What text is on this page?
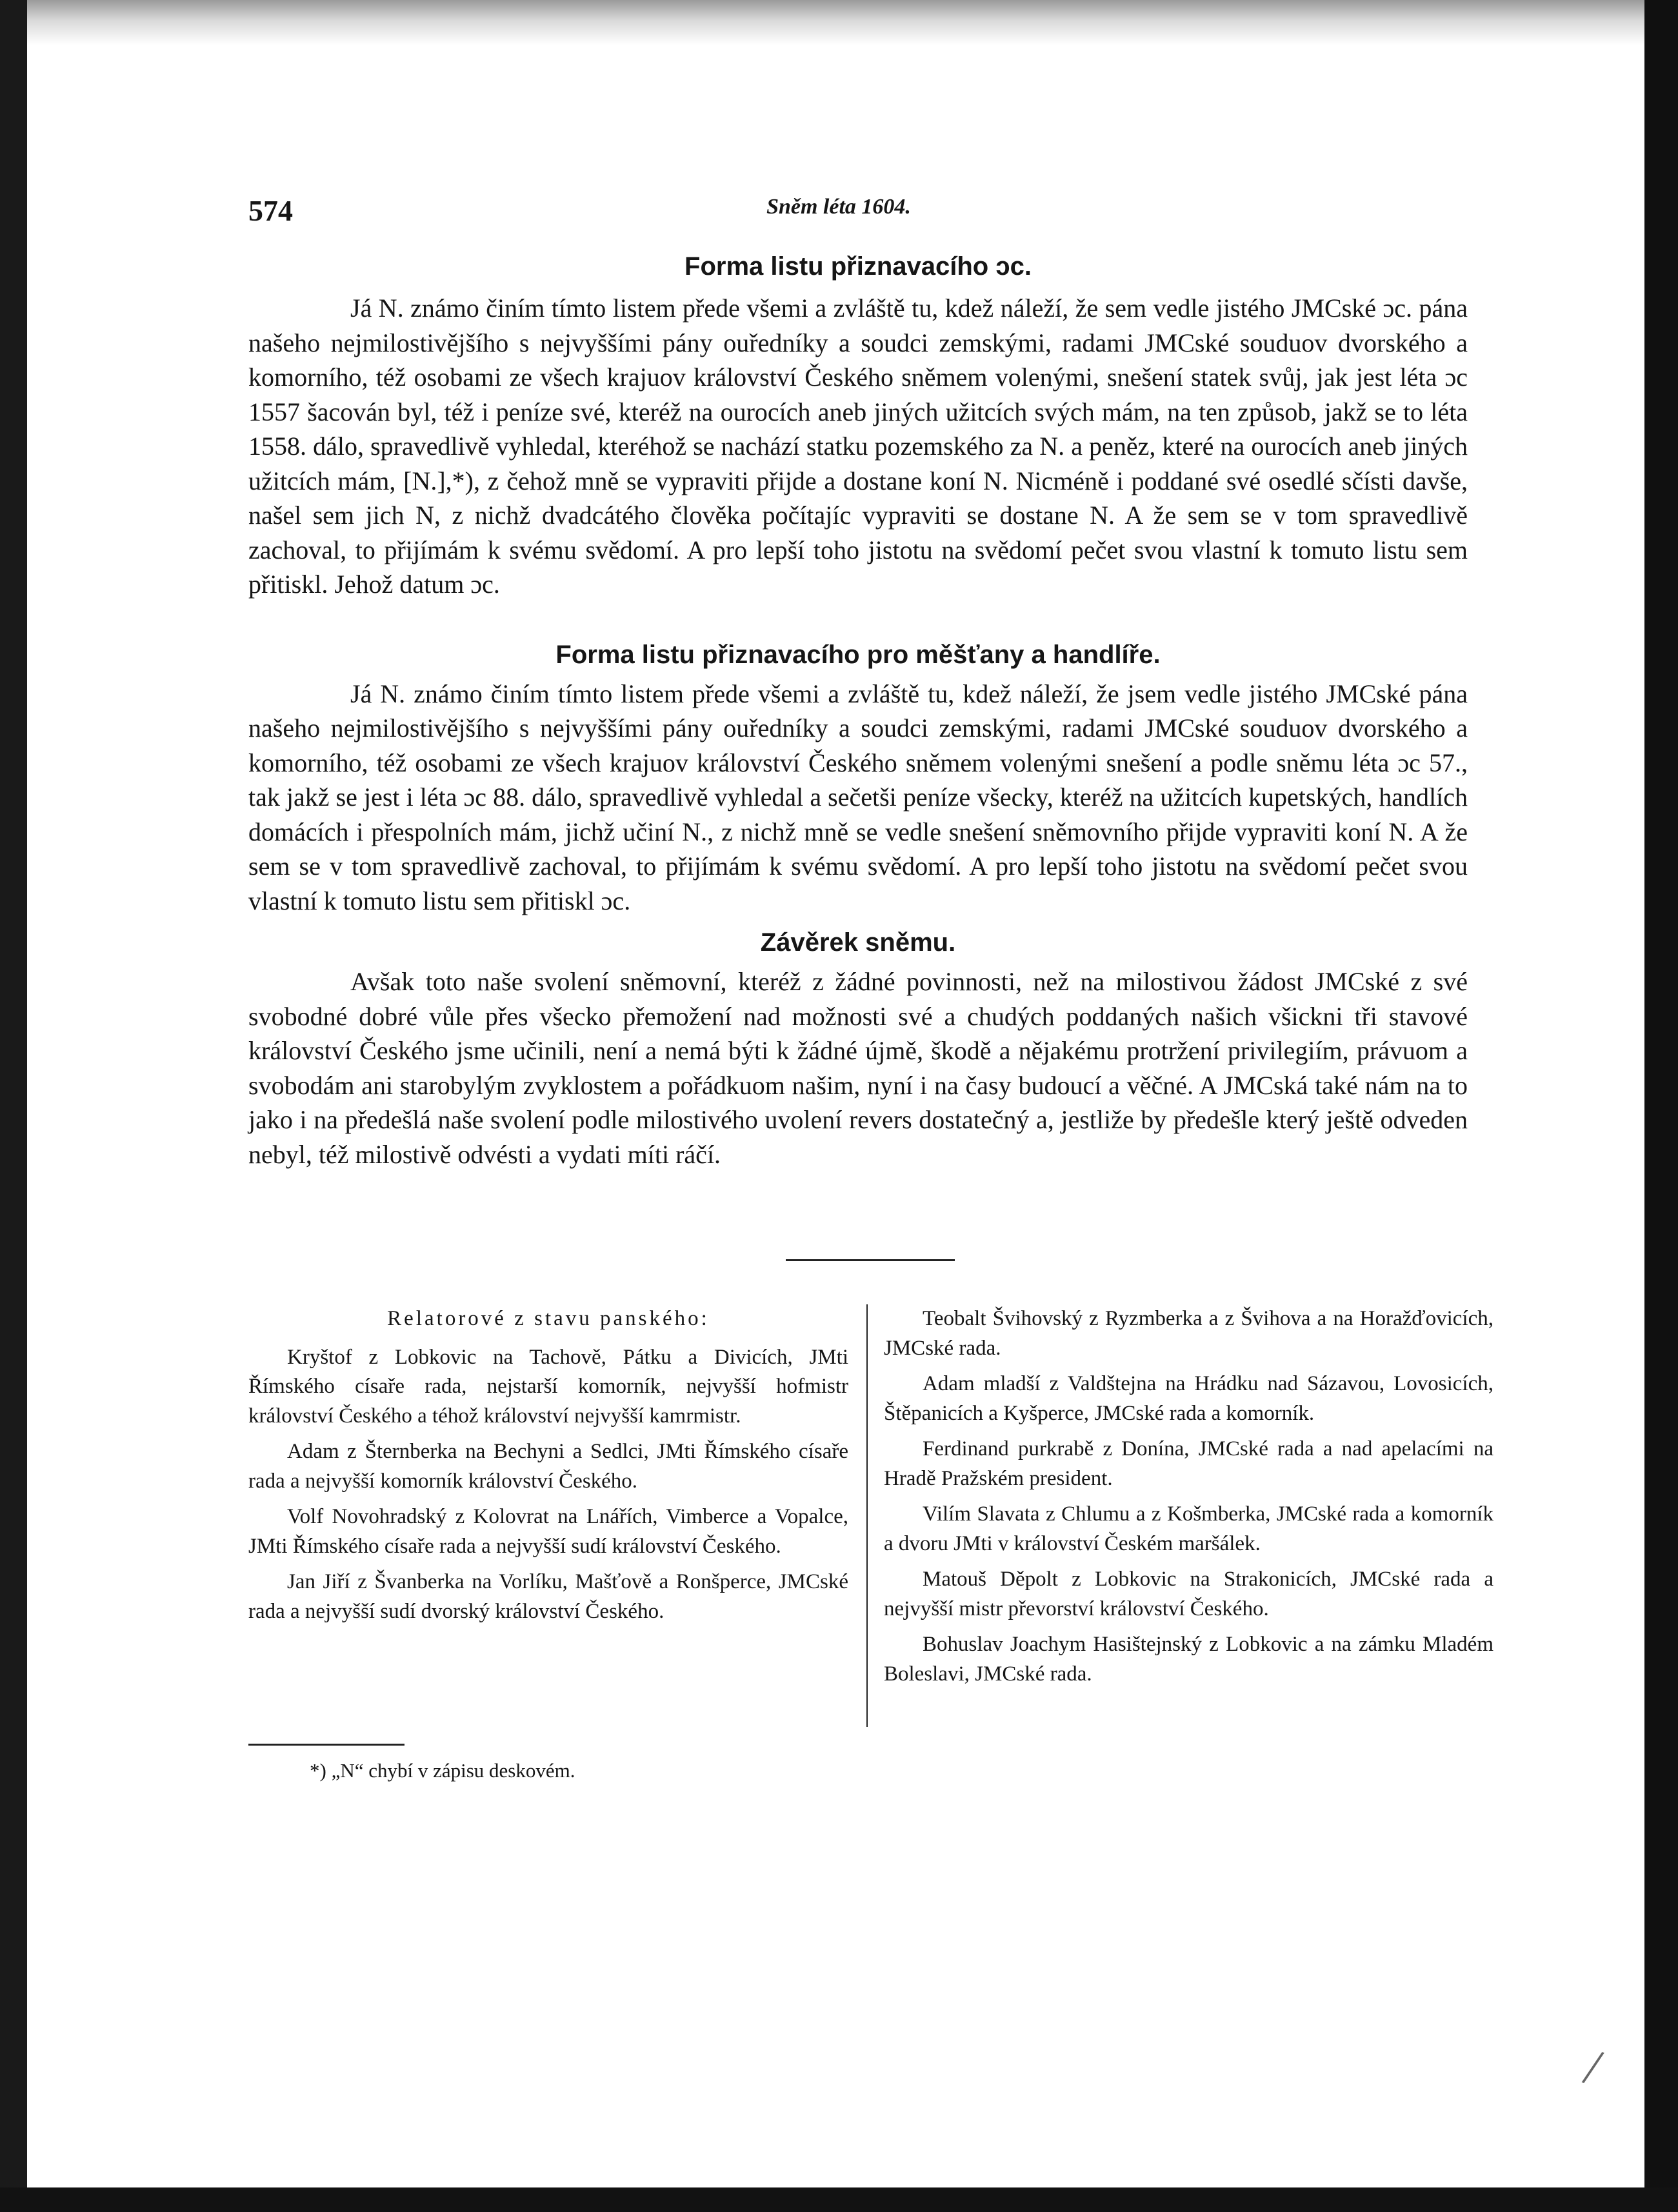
574	Sněm léta 1604.
Forma listu přiznavacího ɔc.

Já N. známo činím tímto listem přede všemi a zvláště tu, kdež náleží, že sem vedle jistého JMCské ɔc. pána našeho nejmilostivějšího s nejvyššími pány ouředníky a soudci zemskými, radami JMCské souduov dvorského a komorního, též osobami ze všech krajuov království Českého sněmem volenými, snešení statek svůj, jak jest léta ɔc 1557 šacován byl, též i peníze své, kteréž na ourocích aneb jiných užitcích svých mám, na ten způsob, jakž se to léta 1558. dálo, spravedlivě vyhledal, kteréhož se nachází statku pozemského za N. a peněz, které na ourocích aneb jiných užitcích mám, [N.],*), z čehož mně se vypraviti přijde a dostane koní N. Nicméně i poddané své osedlé sčísti davše, našel sem jich N, z nichž dvadcátého člověka počítajíc vypraviti se dostane N. A že sem se v tom spravedlivě zachoval, to přijímám k svému svědomí. A pro lepší toho jistotu na svědomí pečet svou vlastní k tomuto listu sem přitiskl. Jehož datum ɔc.

Forma listu přiznavacího pro měšťany a handlíře.

Já N. známo činím tímto listem přede všemi a zvláště tu, kdež náleží, že jsem vedle jistého JMCské pána našeho nejmilostivějšího s nejvyššími pány ouředníky a soudci zemskými, radami JMCské souduov dvorského a komorního, též osobami ze všech krajuov království Českého sněmem volenými snešení a podle sněmu léta ɔc 57., tak jakž se jest i léta ɔc 88. dálo, spravedlivě vyhledal a sečetši peníze všecky, kteréž na užitcích kupetských, handlích domácích i přespolních mám, jichž učiní N., z nichž mně se vedle snešení sněmovního přijde vypraviti koní N. A že sem se v tom spravedlivě zachoval, to přijímám k svému svědomí. A pro lepší toho jistotu na svědomí pečet svou vlastní k tomuto listu sem přitiskl ɔc.

Závěrek sněmu.

Avšak toto naše svolení sněmovní, kteréž z žádné povinnosti, než na milostivou žádost JMCské z své svobodné dobré vůle přes všecko přemožení nad možnosti své a chudých poddaných našich všickni tři stavové království Českého jsme učinili, není a nemá býti k žádné újmě, škodě a nějakému protržení privilegiím, právuom a svobodám ani starobylým zvyklostem a pořádkuom našim, nyní i na časy budoucí a věčné. A JMCská také nám na to jako i na předešlá naše svolení podle milostivého uvolení revers dostatečný a, jestliže by předešle který ještě odveden nebyl, též milostivě odvésti a vydati míti ráčí.

Relatorové z stavu panského:

Kryštof z Lobkovic na Tachově, Pátku a Divicích, JMti Římského císaře rada, nejstarší komorník, nejvyšší hofmistr království Českého a téhož království nejvyšší kamrmistr.

Adam z Šternberka na Bechyni a Sedlci, JMti Římského císaře rada a nejvyšší komorník království Českého.

Volf Novohradský z Kolovrat na Lnářích, Vimberce a Vopalce, JMti Římského císaře rada a nejvyšší sudí království Českého.

Jan Jiří z Švanberka na Vorlíku, Mašťově a Ronšperce, JMCské rada a nejvyšší sudí dvorský království Českého.

Teobalt Švihovský z Ryzmberka a z Švihova a na Horažďovicích, JMCské rada.

Adam mladší z Valdštejna na Hrádku nad Sázavou, Lovosicích, Štěpanicích a Kyšperce, JMCské rada a komorník.

Ferdinand purkrabě z Donína, JMCské rada a nad apelacími na Hradě Pražském president.

Vilím Slavata z Chlumu a z Košmberka, JMCské rada a komorník a dvoru JMti v království Českém maršálek.

Matouš Děpolt z Lobkovic na Strakonicích, JMCské rada a nejvyšší mistr převorství království Českého.

Bohuslav Joachym Hasištejnský z Lobkovic a na zámku Mladém Boleslavi, JMCské rada.

*) „N“ chybí v zápisu deskovém.
/
